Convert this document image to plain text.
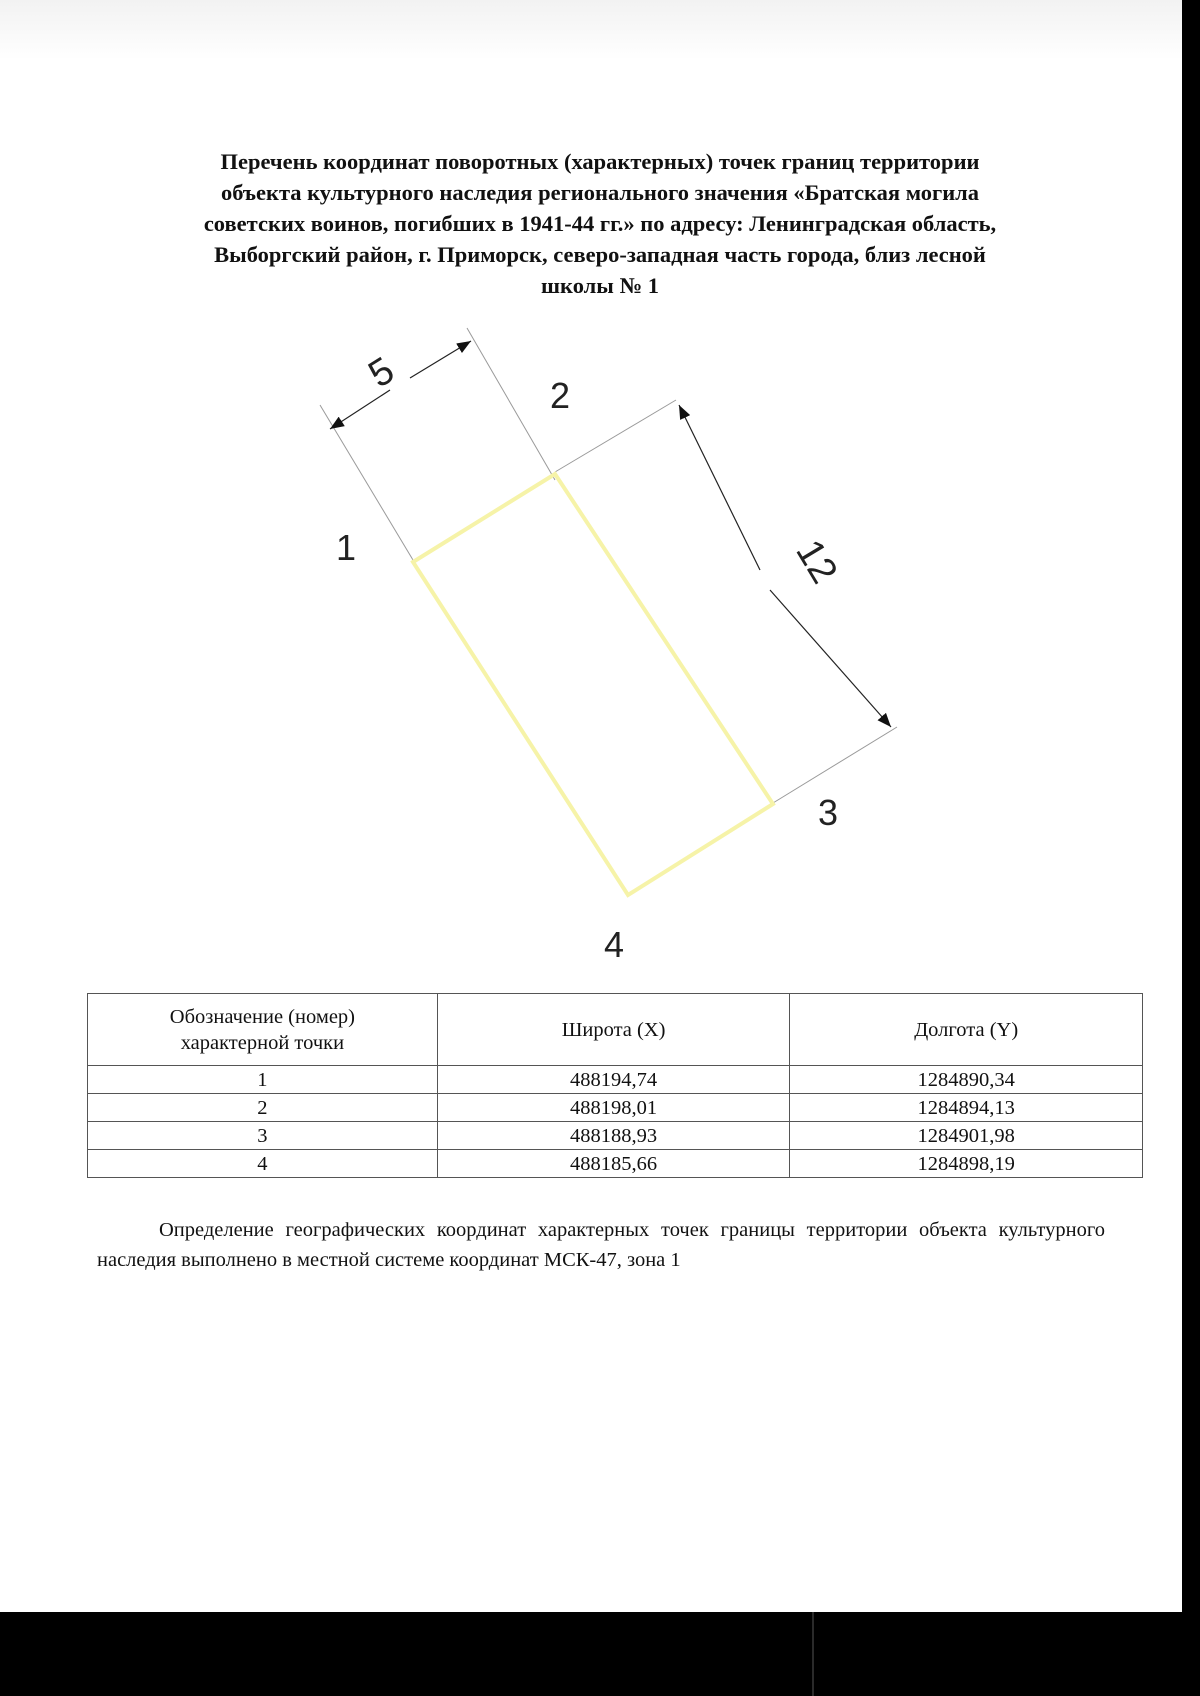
Перечень координат поворотных (характерных) точек границ территории
объекта культурного наследия регионального значения «Братская могила
советских воинов, погибших в 1941-44 гг.» по адресу: Ленинградская область,
Выборгский район, г. Приморск, северо-западная часть города, близ лесной
школы № 1
5
12
1
2
3
4
Обозначение (номер) характерной точки	Широта (X)	Долгота (Y)
1	488194,74	1284890,34
2	488198,01	1284894,13
3	488188,93	1284901,98
4	488185,66	1284898,19

Определение географических координат характерных точек границы территории объекта культурного наследия выполнено в местной системе координат МСК-47, зона 1
